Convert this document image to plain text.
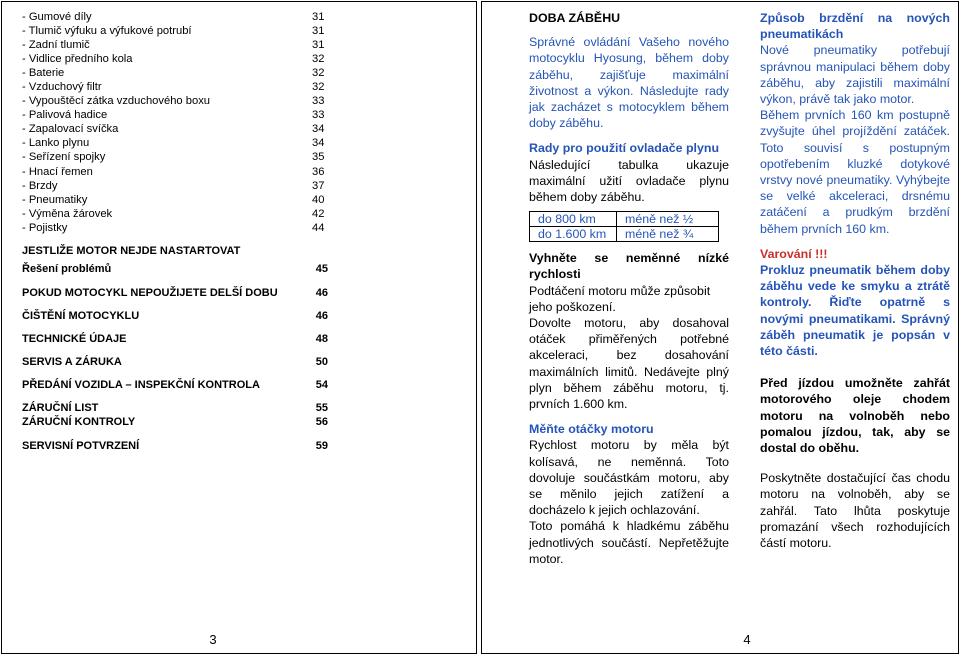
- Gumové díly	31
- Tlumič výfuku a výfukové potrubí	31
- Zadní tlumič	31
- Vidlice předního kola	32
- Baterie	32
- Vzduchový filtr	32
- Vypouštěcí zátka vzduchového boxu	33
- Palivová hadice	33
- Zapalovací svíčka	34
- Lanko plynu	34
- Seřízení spojky	35
- Hnací řemen	36
- Brzdy	37
- Pneumatiky	40
- Výměna žárovek	42
- Pojistky	44
JESTLIŽE MOTOR NEJDE NASTARTOVAT
Řešení problémů	45
POKUD MOTOCYKL NEPOUŽIJETE DELŠÍ DOBU	46
ČIŠTĚNÍ MOTOCYKLU	46
TECHNICKÉ ÚDAJE	48
SERVIS A ZÁRUKA	50
PŘEDÁNÍ VOZIDLA – INSPEKČNÍ KONTROLA	54
ZÁRUČNÍ LIST	55
ZÁRUČNÍ KONTROLY	56
SERVISNÍ POTVRZENÍ	59
3

DOBA ZÁBĚHU

Správné ovládání Vašeho nového motocyklu Hyosung, během doby záběhu, zajišťuje maximální životnost a výkon. Následujte rady jak zacházet s motocyklem během doby záběhu.

Rady pro použití ovladače plynu

Následující tabulka ukazuje maximální užití ovladače plynu během doby záběhu.

do 800 km	méně než ½
do 1.600 km	méně než ¾

Vyhněte se neměnné nízké rychlosti

Podtáčení motoru může způsobit jeho poškození.

Dovolte motoru, aby dosahoval otáček přiměřených potřebné akceleraci, bez dosahování maximálních limitů. Nedávejte plný plyn během záběhu motoru, tj. prvních 1.600 km.

Měňte otáčky motoru

Rychlost motoru by měla být kolísavá, ne neměnná. Toto dovoluje součástkám motoru, aby se měnilo jejich zatížení a docházelo k jejich ochlazování.

Toto pomáhá k hladkému záběhu jednotlivých součástí. Nepřetěžujte motor.

Způsob brzdění na nových pneumatikách

Nové pneumatiky potřebují správnou manipulaci během doby záběhu, aby zajistili maximální výkon, právě tak jako motor.

Během prvních 160 km postupně zvyšujte úhel projíždění zatáček. Toto souvisí s postupným opotřebením kluzké dotykové vrstvy nové pneumatiky. Vyhýbejte se velké akceleraci, drsnému zatáčení a prudkým brzdění během prvních 160 km.

Varování !!!

Prokluz pneumatik během doby záběhu vede ke smyku a ztrátě kontroly. Řiďte opatrně s novými pneumatikami. Správný záběh pneumatik je popsán v této části.

Před jízdou umožněte zahřát motorového oleje chodem motoru na volnoběh nebo pomalou jízdou, tak, aby se dostal do oběhu.

Poskytněte dostačující čas chodu motoru na volnoběh, aby se zahřál. Tato lhůta poskytuje promazání všech rozhodujících částí motoru.

4
